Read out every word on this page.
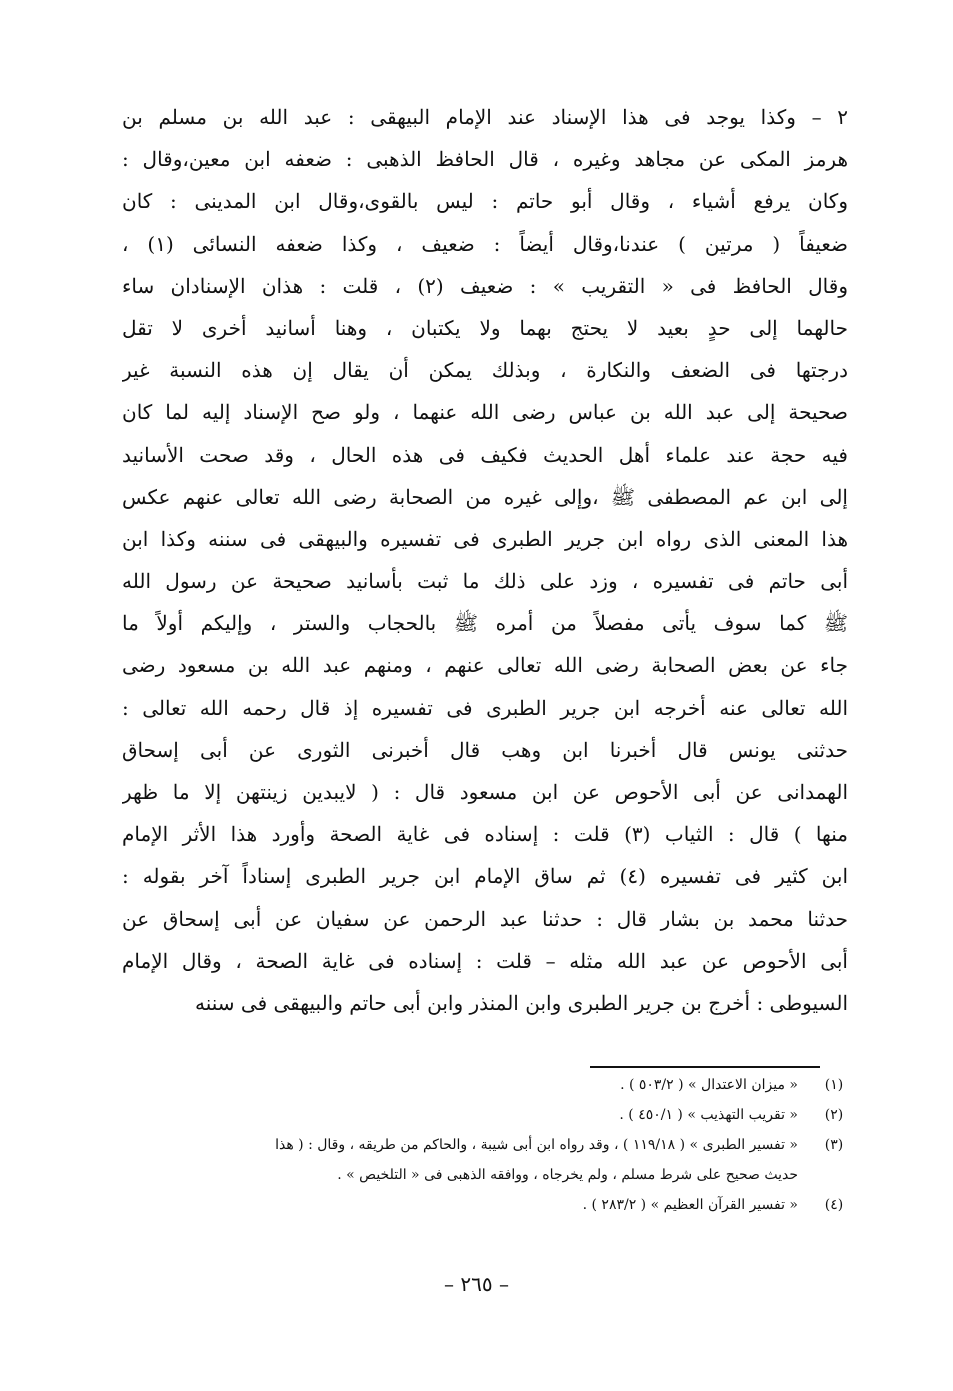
٢ – وكذا يوجد فى هذا الإسناد عند الإمام البيهقى : عبد الله بن مسلم بن
هرمز المكى عن مجاهد وغيره ، قال الحافظ الذهبى : ضعفه ابن معين،وقال :
وكان يرفع أشياء ، وقال أبو حاتم : ليس بالقوى،وقال ابن المدينى : كان
ضعيفاً ( مرتين ) عندنا،وقال أيضاً : ضعيف ، وكذا ضعفه النسائى (١) ،
وقال الحافظ فى « التقريب » : ضعيف (٢) ، قلت : هذان الإسنادان ساء
حالهما إلى حدٍ بعيد لا يحتج بهما ولا يكتبان ، وهنا أسانيد أخرى لا تقل
درجتها فى الضعف والنكارة ، وبذلك يمكن أن يقال إن هذه النسبة غير
صحيحة إلى عبد الله بن عباس رضى الله عنهما ، ولو صح الإسناد إليه لما كان
فيه حجة عند علماء أهل الحديث فكيف فى هذه الحال ، وقد صحت الأسانيد
إلى ابن عم المصطفى ﷺ ،وإلى غيره من الصحابة رضى الله تعالى عنهم عكس
هذا المعنى الذى رواه ابن جرير الطبرى فى تفسيره والبيهقى فى سننه وكذا ابن
أبى حاتم فى تفسيره ، وزد على ذلك ما ثبت بأسانيد صحيحة عن رسول الله
ﷺ كما سوف يأتى مفصلاً من أمره ﷺ بالحجاب والستر ، وإليكم أولاً ما
جاء عن بعض الصحابة رضى الله تعالى عنهم ، ومنهم عبد الله بن مسعود رضى
الله تعالى عنه أخرجه ابن جرير الطبرى فى تفسيره إذ قال رحمه الله تعالى :
حدثنى يونس قال أخبرنا ابن وهب قال أخبرنى الثورى عن أبى إسحاق
الهمدانى عن أبى الأحوص عن ابن مسعود قال : ( لايبدين زينتهن إلا ما ظهر
منها ) قال : الثياب (٣) قلت : إسناده فى غاية الصحة وأورد هذا الأثر الإمام
ابن كثير فى تفسيره (٤) ثم ساق الإمام ابن جرير الطبرى إسناداً آخر بقوله :
حدثنا محمد بن بشار قال : حدثنا عبد الرحمن عن سفيان عن أبى إسحاق عن
أبى الأحوص عن عبد الله مثله – قلت : إسناده فى غاية الصحة ، وقال الإمام
السيوطى : أخرج بن جرير الطبرى وابن المنذر وابن أبى حاتم والبيهقى فى سننه
(١)
« ميزان الاعتدال » ( ٥٠٣/٢ ) .
(٢)
« تقريب التهذيب » ( ٤٥٠/١ ) .
(٣)
« تفسير الطبرى » ( ١١٩/١٨ ) ، وقد رواه ابن أبى شيبة ، والحاكم من طريقه ، وقال : ( هذا
حديث صحيح على شرط مسلم ، ولم يخرجاه ، ووافقه الذهبى فى « التلخيص » .
(٤)
« تفسير القرآن العظيم » ( ٢٨٣/٢ ) .
– ٢٦٥ –
